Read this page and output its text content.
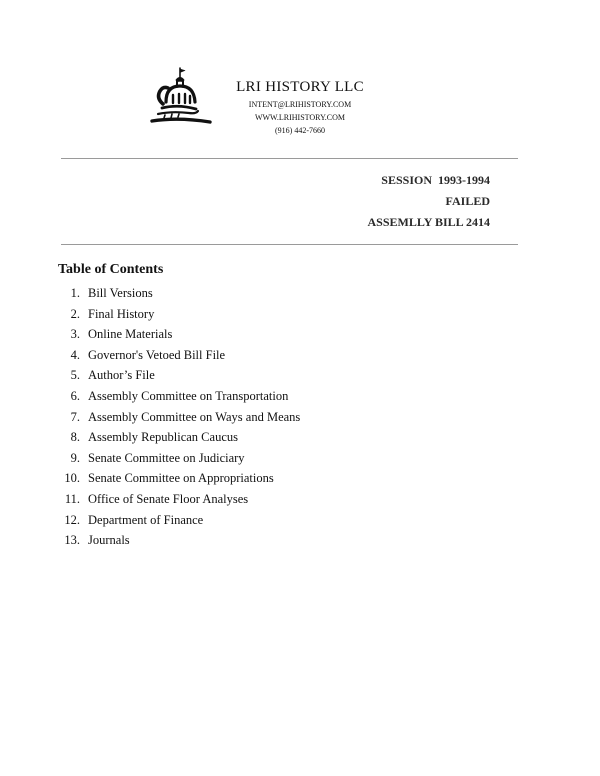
LRI HISTORY LLC
INTENT@LRIHISTORY.COM
WWW.LRIHISTORY.COM
(916) 442-7660
SESSION  1993-1994
FAILED
ASSEMLLY BILL 2414
Table of Contents
1. Bill Versions
2. Final History
3. Online Materials
4. Governor's Vetoed Bill File
5. Author’s File
6. Assembly Committee on Transportation
7. Assembly Committee on Ways and Means
8. Assembly Republican Caucus
9. Senate Committee on Judiciary
10. Senate Committee on Appropriations
11. Office of Senate Floor Analyses
12. Department of Finance
13. Journals
